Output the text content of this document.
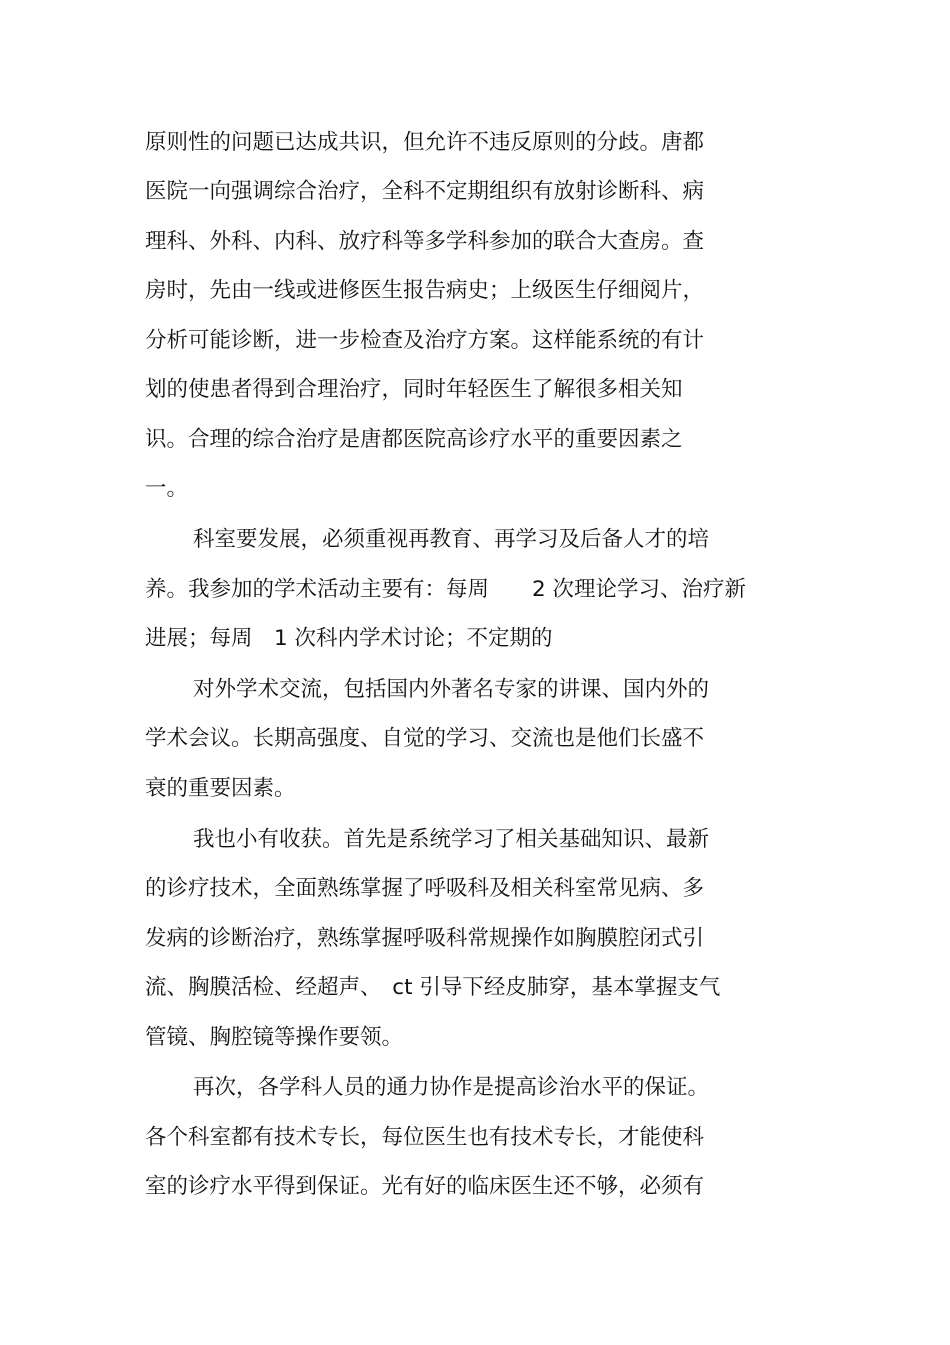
原则性的问题已达成共识，但允许不违反原则的分歧。唐都
医院一向强调综合治疗，全科不定期组织有放射诊断科、病
理科、外科、内科、放疗科等多学科参加的联合大查房。查
房时，先由一线或进修医生报告病史；上级医生仔细阅片，
分析可能诊断，进一步检查及治疗方案。这样能系统的有计
划的使患者得到合理治疗，同时年轻医生了解很多相关知
识。合理的综合治疗是唐都医院高诊疗水平的重要因素之
一。
科室要发展，必须重视再教育、再学习及后备人才的培
养。我参加的学术活动主要有：每周　　2 次理论学习、治疗新
进展；每周　1 次科内学术讨论；不定期的
对外学术交流，包括国内外著名专家的讲课、国内外的
学术会议。长期高强度、自觉的学习、交流也是他们长盛不
衰的重要因素。
我也小有收获。首先是系统学习了相关基础知识、最新
的诊疗技术，全面熟练掌握了呼吸科及相关科室常见病、多
发病的诊断治疗，熟练掌握呼吸科常规操作如胸膜腔闭式引
流、胸膜活检、经超声、　ct 引导下经皮肺穿，基本掌握支气
管镜、胸腔镜等操作要领。
再次，各学科人员的通力协作是提高诊治水平的保证。
各个科室都有技术专长，每位医生也有技术专长，才能使科
室的诊疗水平得到保证。光有好的临床医生还不够，必须有
